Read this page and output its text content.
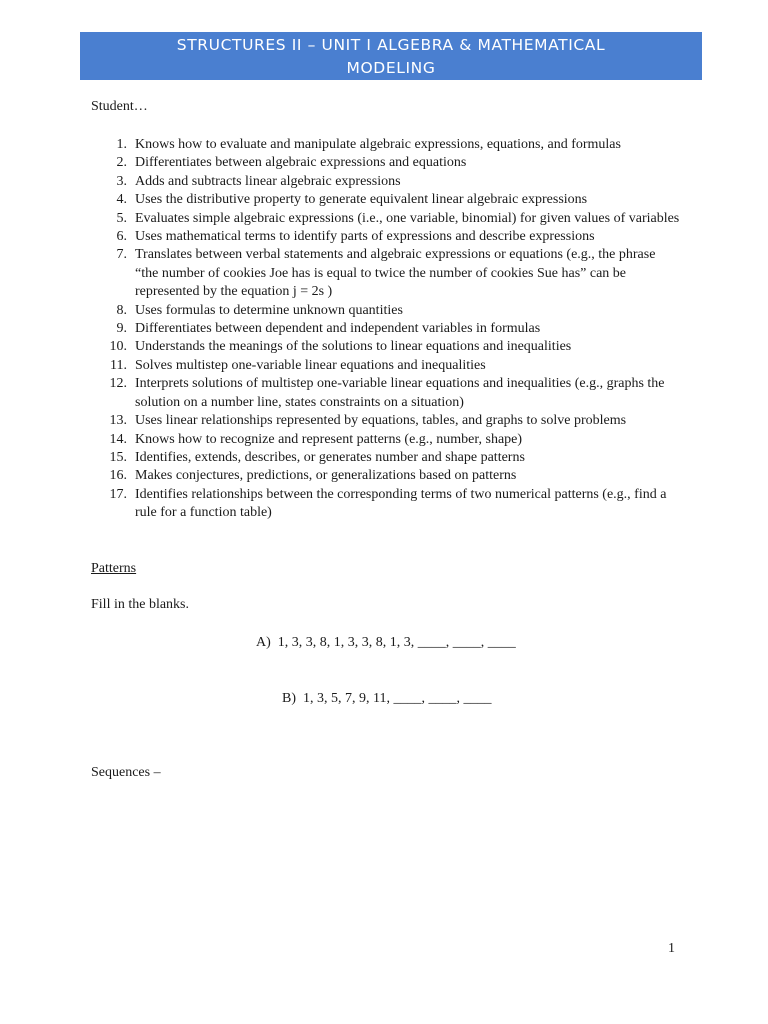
STRUCTURES II – UNIT I ALGEBRA & MATHEMATICAL
MODELING
Student…
1. Knows how to evaluate and manipulate algebraic expressions, equations, and formulas
2. Differentiates between algebraic expressions and equations
3. Adds and subtracts linear algebraic expressions
4. Uses the distributive property to generate equivalent linear algebraic expressions
5. Evaluates simple algebraic expressions (i.e., one variable, binomial) for given values of variables
6. Uses mathematical terms to identify parts of expressions and describe expressions
7. Translates between verbal statements and algebraic expressions or equations (e.g., the phrase “the number of cookies Joe has is equal to twice the number of cookies Sue has” can be represented by the equation j = 2s )
8. Uses formulas to determine unknown quantities
9. Differentiates between dependent and independent variables in formulas
10. Understands the meanings of the solutions to linear equations and inequalities
11. Solves multistep one-variable linear equations and inequalities
12. Interprets solutions of multistep one-variable linear equations and inequalities (e.g., graphs the solution on a number line, states constraints on a situation)
13. Uses linear relationships represented by equations, tables, and graphs to solve problems
14. Knows how to recognize and represent patterns (e.g., number, shape)
15. Identifies, extends, describes, or generates number and shape patterns
16. Makes conjectures, predictions, or generalizations based on patterns
17. Identifies relationships between the corresponding terms of two numerical patterns (e.g., find a rule for a function table)
Patterns
Fill in the blanks.
A)  1, 3, 3, 8, 1, 3, 3, 8, 1, 3, ____, ____, ____
B)  1, 3, 5, 7, 9, 11, ____, ____, ____
Sequences –
1
